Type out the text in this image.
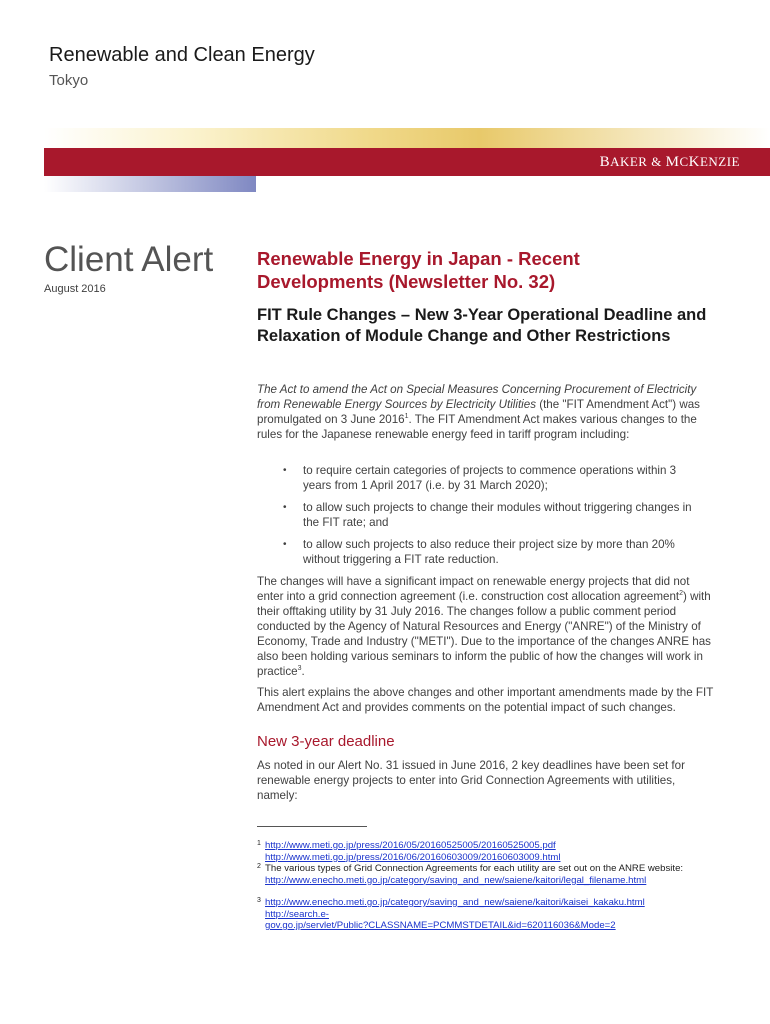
Renewable and Clean Energy
Tokyo
BAKER & MCKENZIE
Client Alert
August 2016
Renewable Energy in Japan - Recent Developments (Newsletter No. 32)
FIT Rule Changes – New 3-Year Operational Deadline and Relaxation of Module Change and Other Restrictions
The Act to amend the Act on Special Measures Concerning Procurement of Electricity from Renewable Energy Sources by Electricity Utilities (the "FIT Amendment Act") was promulgated on 3 June 2016$^1$. The FIT Amendment Act makes various changes to the rules for the Japanese renewable energy feed in tariff program including:
• to require certain categories of projects to commence operations within 3 years from 1 April 2017 (i.e. by 31 March 2020);
• to allow such projects to change their modules without triggering changes in the FIT rate; and
• to allow such projects to also reduce their project size by more than 20% without triggering a FIT rate reduction.
The changes will have a significant impact on renewable energy projects that did not enter into a grid connection agreement (i.e. construction cost allocation agreement$^2$) with their offtaking utility by 31 July 2016. The changes follow a public comment period conducted by the Agency of Natural Resources and Energy ("ANRE") of the Ministry of Economy, Trade and Industry ("METI"). Due to the importance of the changes ANRE has also been holding various seminars to inform the public of how the changes will work in practice$^3$.
This alert explains the above changes and other important amendments made by the FIT Amendment Act and provides comments on the potential impact of such changes.
New 3-year deadline
As noted in our Alert No. 31 issued in June 2016, 2 key deadlines have been set for renewable energy projects to enter into Grid Connection Agreements with utilities, namely:
1 http://www.meti.go.jp/press/2016/05/20160525005/20160525005.pdf
http://www.meti.go.jp/press/2016/06/20160603009/20160603009.html
2 The various types of Grid Connection Agreements for each utility are set out on the ANRE website:
http://www.enecho.meti.go.jp/category/saving_and_new/saiene/kaitori/legal_filename.html
3 http://www.enecho.meti.go.jp/category/saving_and_new/saiene/kaitori/kaisei_kakaku.html
http://search.e-
gov.go.jp/servlet/Public?CLASSNAME=PCMMSTDETAIL&id=620116036&Mode=2
